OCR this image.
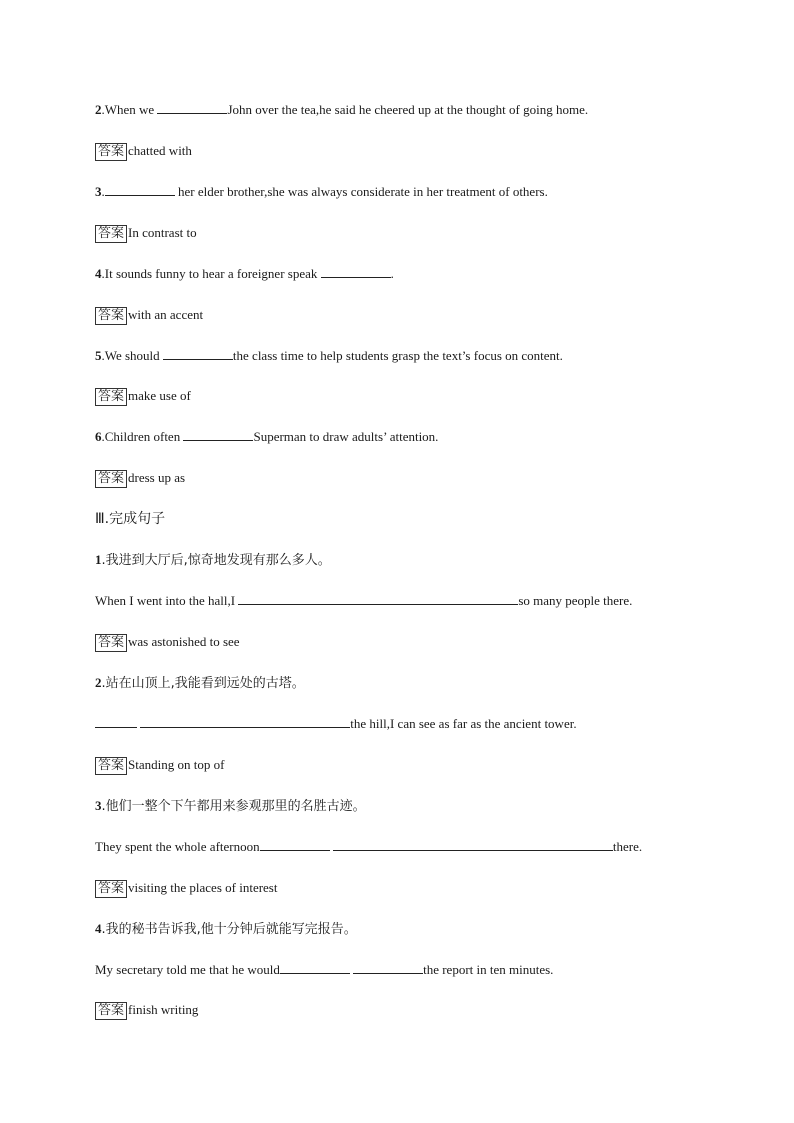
2.When we	John over the tea,he said he cheered up at the thought of going home.
答案 chatted with
3.	her elder brother,she was always considerate in her treatment of others.
答案 In contrast to
4.It sounds funny to hear a foreigner speak	.
答案 with an accent
5.We should	the class time to help students grasp the text’s focus on content.
答案 make use of
6.Children often	Superman to draw adults’ attention.
答案 dress up as
Ⅲ.完成句子
1.我进到大厅后,惊奇地发现有那么多人。
When I went into the hall,I	so many people there.
答案 was astonished to see
2.站在山顶上,我能看到远处的古塔。
the hill,I can see as far as the ancient tower.
答案 Standing on top of
3.他们一整个下午都用来参观那里的名胜古迹。
They spent the whole afternoon	there.
答案 visiting the places of interest
4.我的秘书告诉我,他十分钟后就能写完报告。
My secretary told me that he would	the report in ten minutes.
答案 finish writing
